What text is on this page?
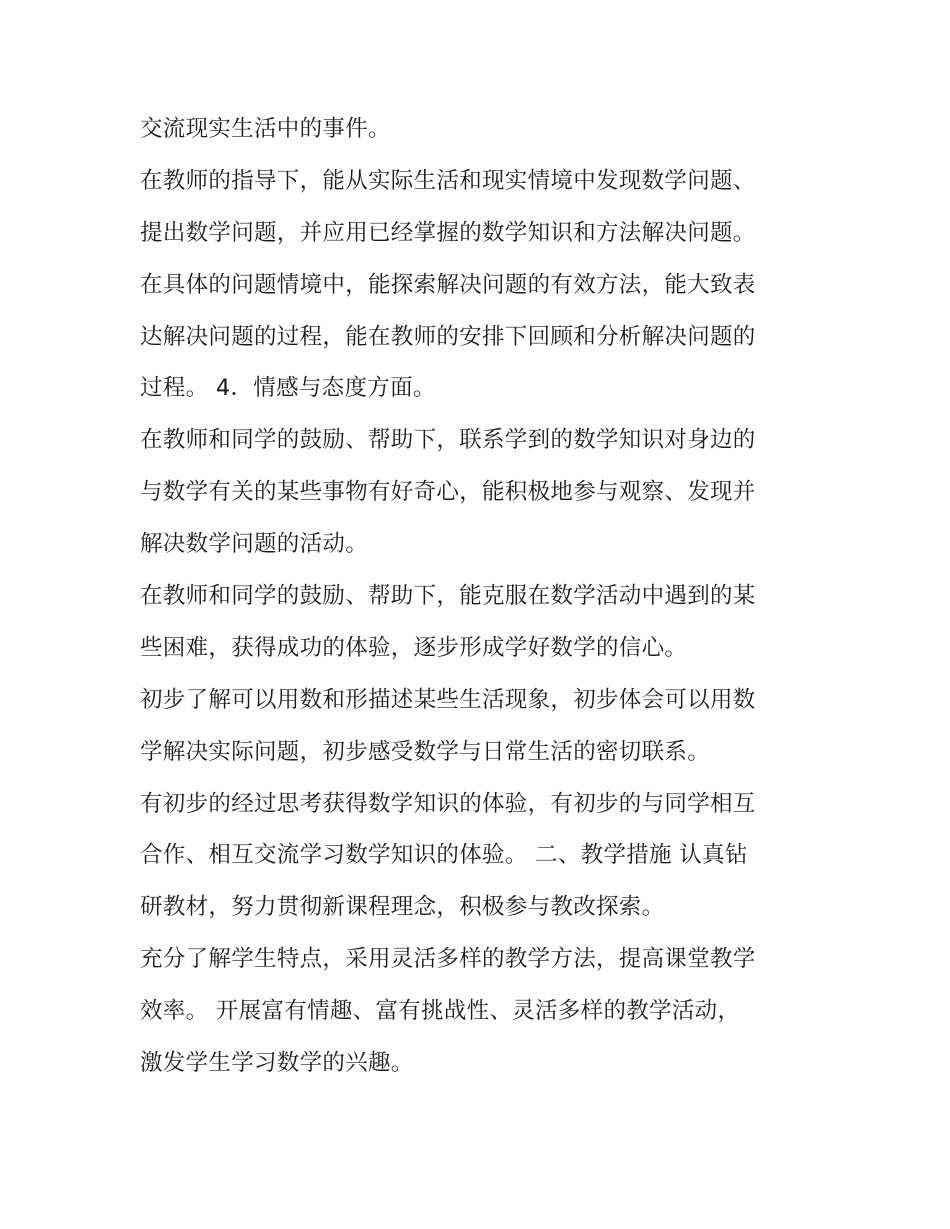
交流现实生活中的事件。
在教师的指导下，能从实际生活和现实情境中发现数学问题、
提出数学问题，并应用已经掌握的数学知识和方法解决问题。
在具体的问题情境中，能探索解决问题的有效方法，能大致表
达解决问题的过程，能在教师的安排下回顾和分析解决问题的
过程。 4．情感与态度方面。
在教师和同学的鼓励、帮助下，联系学到的数学知识对身边的
与数学有关的某些事物有好奇心，能积极地参与观察、发现并
解决数学问题的活动。
在教师和同学的鼓励、帮助下，能克服在数学活动中遇到的某
些困难，获得成功的体验，逐步形成学好数学的信心。
初步了解可以用数和形描述某些生活现象，初步体会可以用数
学解决实际问题，初步感受数学与日常生活的密切联系。
有初步的经过思考获得数学知识的体验，有初步的与同学相互
合作、相互交流学习数学知识的体验。 二、教学措施 认真钻
研教材，努力贯彻新课程理念，积极参与教改探索。
充分了解学生特点，采用灵活多样的教学方法，提高课堂教学
效率。 开展富有情趣、富有挑战性、灵活多样的教学活动，
激发学生学习数学的兴趣。
